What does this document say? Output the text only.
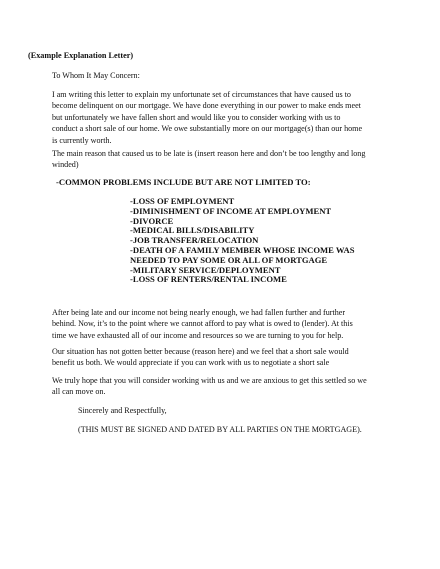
(Example Explanation Letter)

To Whom It May Concern:

I am writing this letter to explain my unfortunate set of circumstances that have caused us to
become delinquent on our mortgage. We have done everything in our power to make ends meet
but unfortunately we have fallen short and would like you to consider working with us to
conduct a short sale of our home. We owe substantially more on our mortgage(s) than our home
is currently worth.
The main reason that caused us to be late is (insert reason here and don’t be too lengthy and long
winded)

-COMMON PROBLEMS INCLUDE BUT ARE NOT LIMITED TO:

-LOSS OF EMPLOYMENT
-DIMINISHMENT OF INCOME AT EMPLOYMENT
-DIVORCE
-MEDICAL BILLS/DISABILITY
-JOB TRANSFER/RELOCATION
-DEATH OF A FAMILY MEMBER WHOSE INCOME WAS
NEEDED TO PAY SOME OR ALL OF MORTGAGE
-MILITARY SERVICE/DEPLOYMENT
-LOSS OF RENTERS/RENTAL INCOME
After being late and our income not being nearly enough, we had fallen further and further
behind. Now, it’s to the point where we cannot afford to pay what is owed to (lender). At this
time we have exhausted all of our income and resources so we are turning to you for help.
Our situation has not gotten better because (reason here) and we feel that a short sale would
benefit us both. We would appreciate if you can work with us to negotiate a short sale
We truly hope that you will consider working with us and we are anxious to get this settled so we
all can move on.

Sincerely and Respectfully,

(THIS MUST BE SIGNED AND DATED BY ALL PARTIES ON THE MORTGAGE).
